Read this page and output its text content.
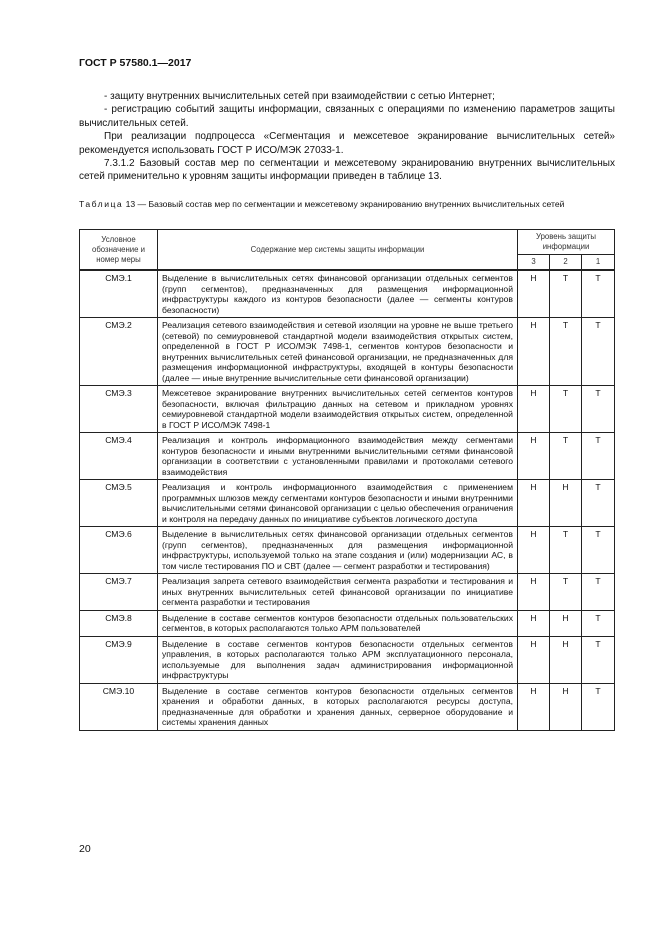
ГОСТ Р 57580.1—2017

- защиту внутренних вычислительных сетей при взаимодействии с сетью Интернет;

- регистрацию событий защиты информации, связанных с операциями по изменению параметров защиты вычислительных сетей.

При реализации подпроцесса «Сегментация и межсетевое экранирование вычислительных сетей» рекомендуется использовать ГОСТ Р ИСО/МЭК 27033-1.

7.3.1.2 Базовый состав мер по сегментации и межсетевому экранированию внутренних вычислительных сетей применительно к уровням защиты информации приведен в таблице 13.

Таблица 13 — Базовый состав мер по сегментации и межсетевому экранированию внутренних вычислительных сетей
Условное обозначение и номер меры	Содержание мер системы защиты информации	Уровень защиты информации		
		3	2	1
СМЭ.1	Выделение в вычислительных сетях финансовой организации отдельных сегментов (групп сегментов), предназначенных для размещения информационной инфраструктуры каждого из контуров безопасности (далее — сегменты контуров безопасности)	Н	Т	Т
СМЭ.2	Реализация сетевого взаимодействия и сетевой изоляции на уровне не выше третьего (сетевой) по семиуровневой стандартной модели взаимодействия открытых систем, определенной в ГОСТ Р ИСО/МЭК 7498-1, сегментов контуров безопасности и внутренних вычислительных сетей финансовой организации, не предназначенных для размещения информационной инфраструктуры, входящей в контуры безопасности (далее — иные внутренние вычислительные сети финансовой организации)	Н	Т	Т
СМЭ.3	Межсетевое экранирование внутренних вычислительных сетей сегментов контуров безопасности, включая фильтрацию данных на сетевом и прикладном уровнях семиуровневой стандартной модели взаимодействия открытых систем, определенной в ГОСТ Р ИСО/МЭК 7498-1	Н	Т	Т
СМЭ.4	Реализация и контроль информационного взаимодействия между сегментами контуров безопасности и иными внутренними вычислительными сетями финансовой организации в соответствии с установленными правилами и протоколами сетевого взаимодействия	Н	Т	Т
СМЭ.5	Реализация и контроль информационного взаимодействия с применением программных шлюзов между сегментами контуров безопасности и иными внутренними вычислительными сетями финансовой организации с целью обеспечения ограничения и контроля на передачу данных по инициативе субъектов логического доступа	Н	Н	Т
СМЭ.6	Выделение в вычислительных сетях финансовой организации отдельных сегментов (групп сегментов), предназначенных для размещения информационной инфраструктуры, используемой только на этапе создания и (или) модернизации АС, в том числе тестирования ПО и СВТ (далее — сегмент разработки и тестирования)	Н	Т	Т
СМЭ.7	Реализация запрета сетевого взаимодействия сегмента разработки и тестирования и иных внутренних вычислительных сетей финансовой организации по инициативе сегмента разработки и тестирования	Н	Т	Т
СМЭ.8	Выделение в составе сегментов контуров безопасности отдельных пользовательских сегментов, в которых располагаются только АРМ пользователей	Н	Н	Т
СМЭ.9	Выделение в составе сегментов контуров безопасности отдельных сегментов управления, в которых располагаются только АРМ эксплуатационного персонала, используемые для выполнения задач администрирования информационной инфраструктуры	Н	Н	Т
СМЭ.10	Выделение в составе сегментов контуров безопасности отдельных сегментов хранения и обработки данных, в которых располагаются ресурсы доступа, предназначенные для обработки и хранения данных, серверное оборудование и системы хранения данных	Н	Н	Т
20
